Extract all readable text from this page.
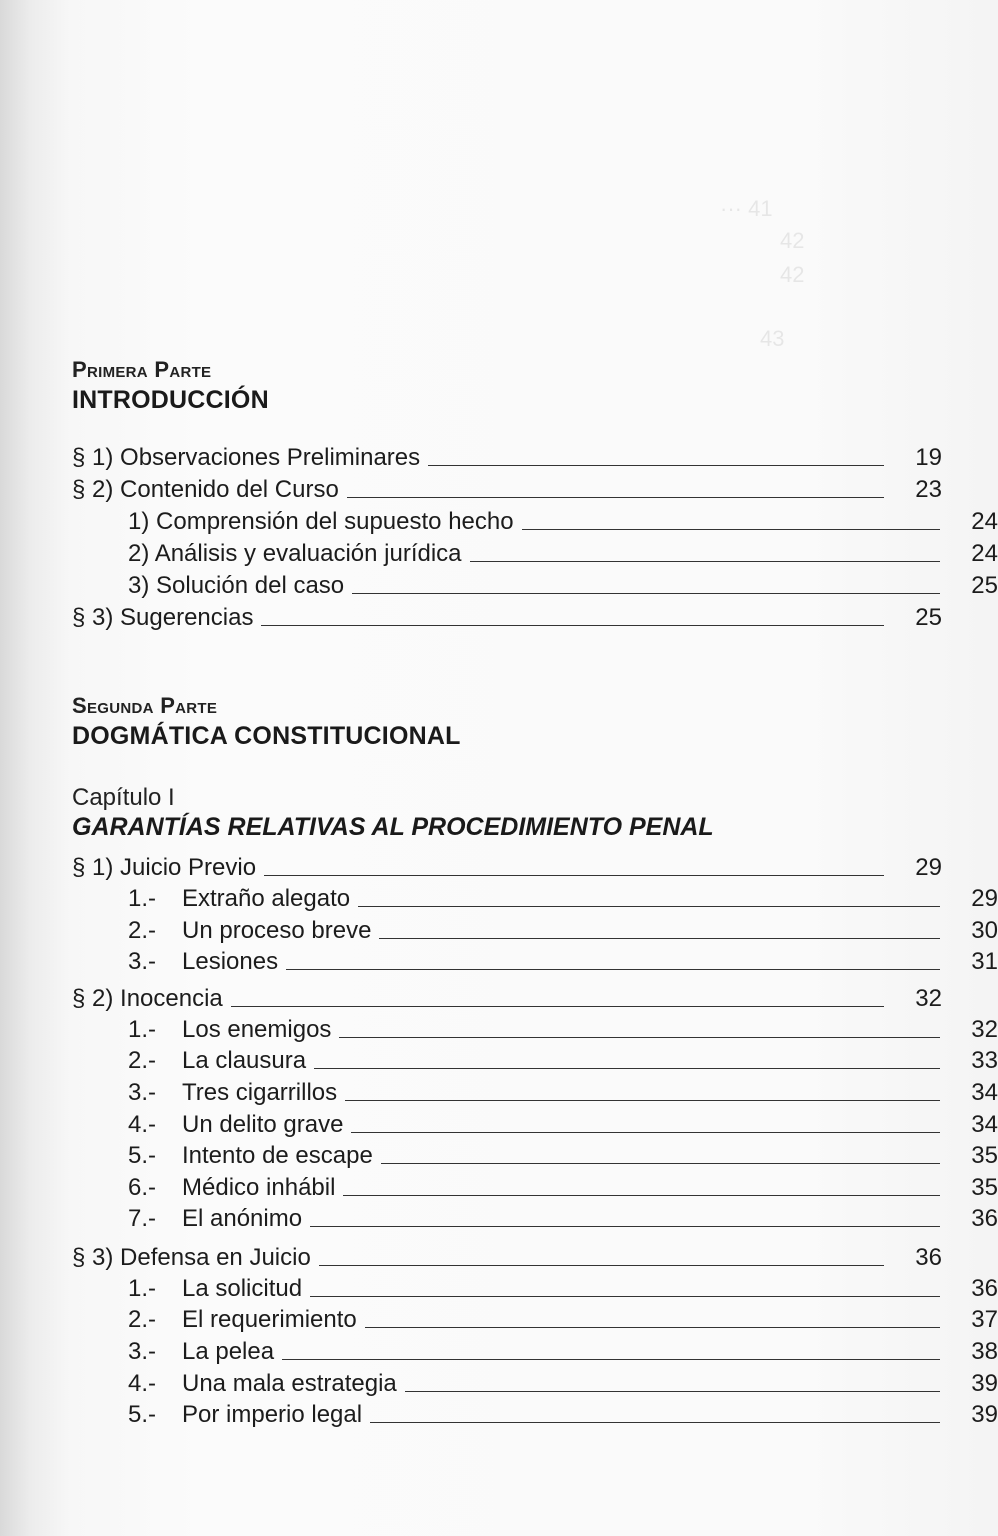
··· 41
42
42
43
Primera Parte
INTRODUCCIÓN
§ 1) Observaciones Preliminares	19
§ 2) Contenido del Curso	23
1) Comprensión del supuesto hecho	24
2) Análisis y evaluación jurídica	24
3) Solución del caso	25
§ 3) Sugerencias	25
Segunda Parte
DOGMÁTICA CONSTITUCIONAL
Capítulo I
GARANTÍAS RELATIVAS AL PROCEDIMIENTO PENAL
§ 1) Juicio Previo	29
1.- Extraño alegato	29
2.- Un proceso breve	30
3.- Lesiones	31
§ 2) Inocencia	32
1.- Los enemigos	32
2.- La clausura	33
3.- Tres cigarrillos	34
4.- Un delito grave	34
5.- Intento de escape	35
6.- Médico inhábil	35
7.- El anónimo	36
§ 3) Defensa en Juicio	36
1.- La solicitud	36
2.- El requerimiento	37
3.- La pelea	38
4.- Una mala estrategia	39
5.- Por imperio legal	39
